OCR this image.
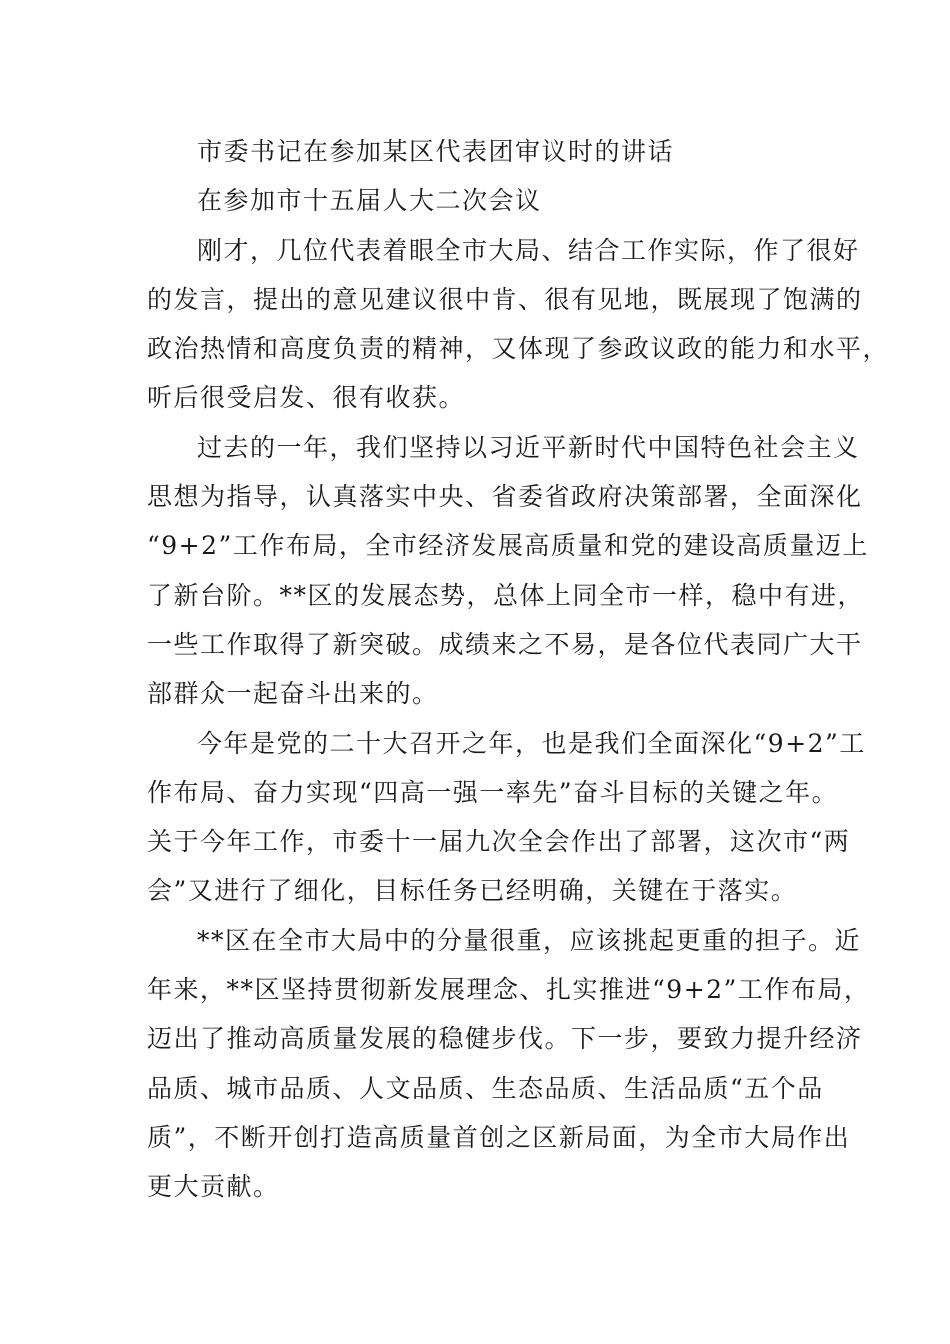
市委书记在参加某区代表团审议时的讲话

在参加市十五届人大二次会议

刚才，几位代表着眼全市大局、结合工作实际，作了很好
的发言，提出的意见建议很中肯、很有见地，既展现了饱满的
政治热情和高度负责的精神，又体现了参政议政的能力和水平，
听后很受启发、很有收获。
过去的一年，我们坚持以习近平新时代中国特色社会主义
思想为指导，认真落实中央、省委省政府决策部署，全面深化
“9+2”工作布局，全市经济发展高质量和党的建设高质量迈上
了新台阶。**区的发展态势，总体上同全市一样，稳中有进，
一些工作取得了新突破。成绩来之不易，是各位代表同广大干
部群众一起奋斗出来的。
今年是党的二十大召开之年，也是我们全面深化“9+2”工
作布局、奋力实现“四高一强一率先”奋斗目标的关键之年。
关于今年工作，市委十一届九次全会作出了部署，这次市“两
会”又进行了细化，目标任务已经明确，关键在于落实。
**区在全市大局中的分量很重，应该挑起更重的担子。近
年来，**区坚持贯彻新发展理念、扎实推进“9+2”工作布局，
迈出了推动高质量发展的稳健步伐。下一步，要致力提升经济
品质、城市品质、人文品质、生态品质、生活品质“五个品
质”，不断开创打造高质量首创之区新局面，为全市大局作出
更大贡献。
